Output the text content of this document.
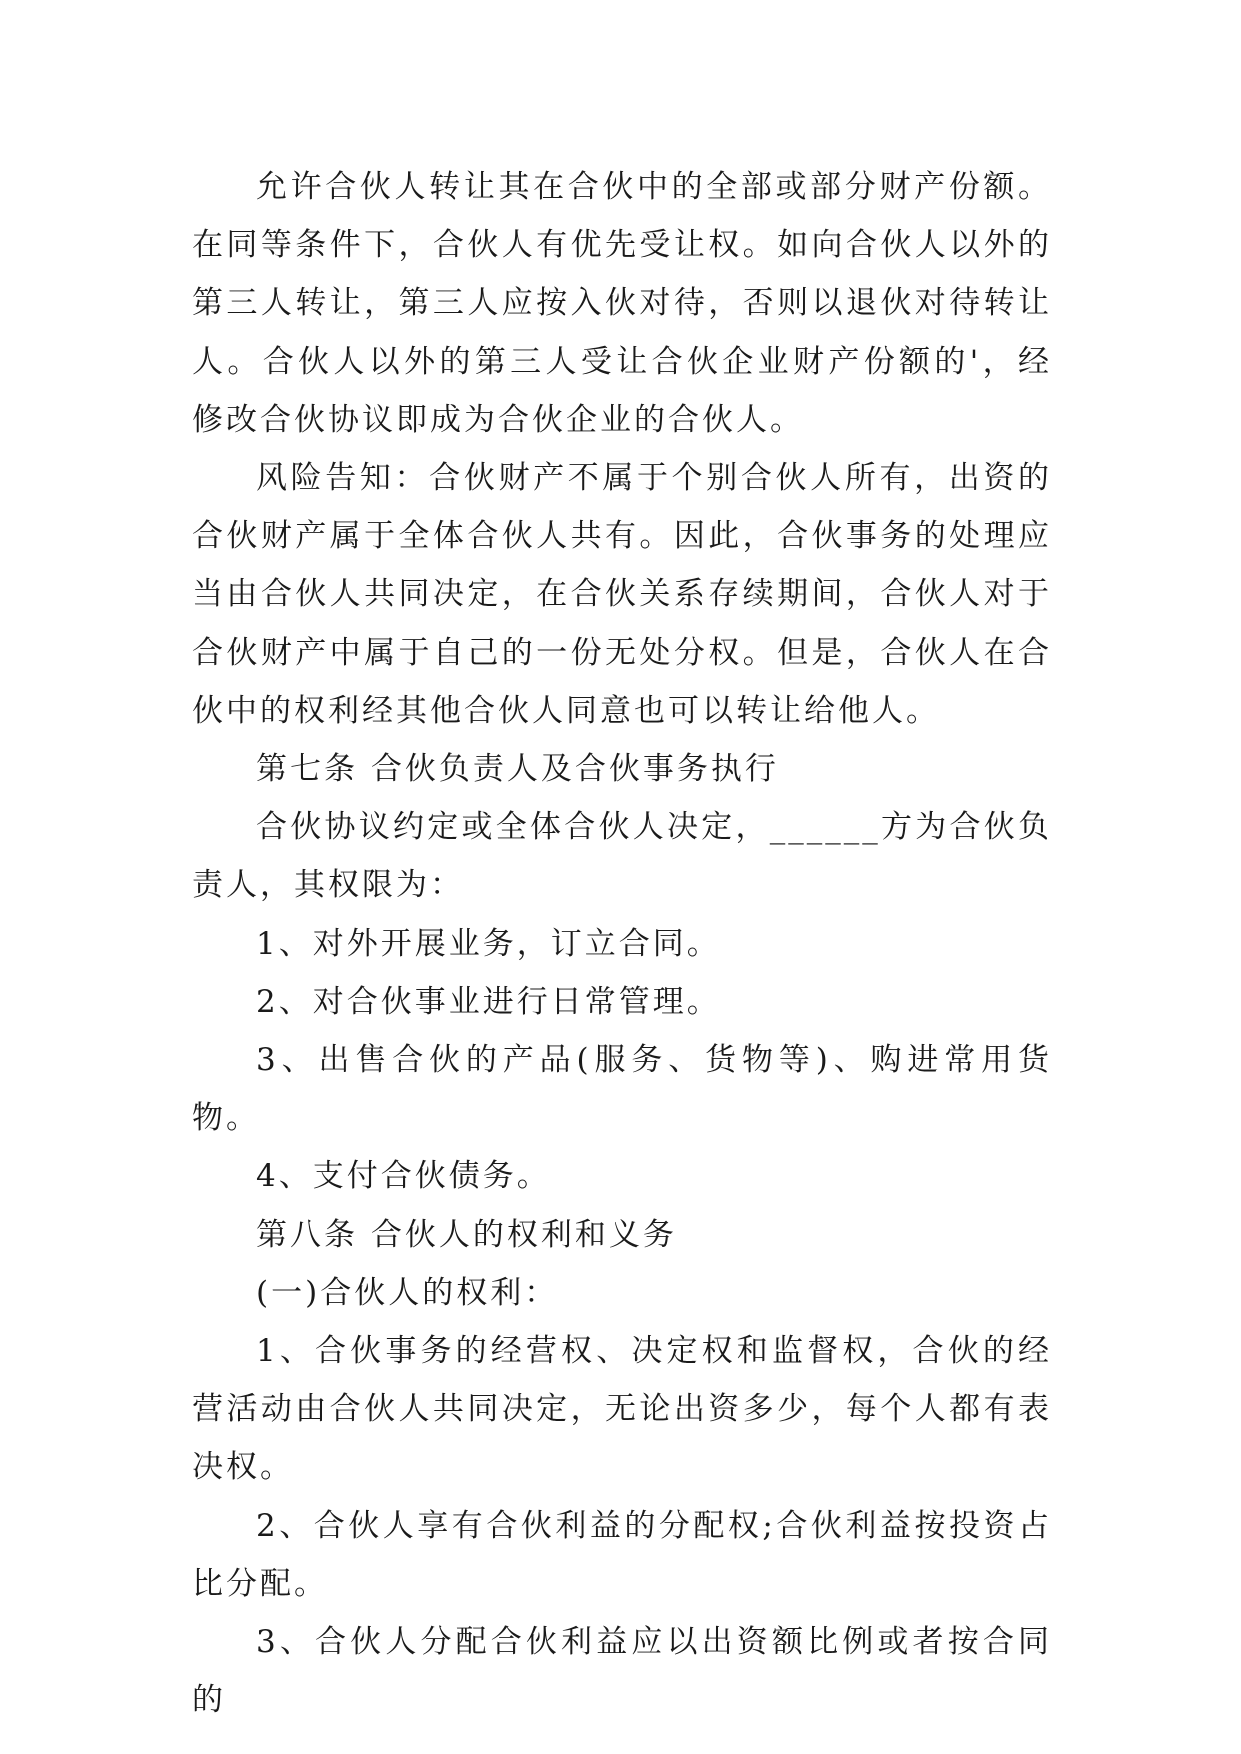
允许合伙人转让其在合伙中的全部或部分财产份额。在同等条件下，合伙人有优先受让权。如向合伙人以外的第三人转让，第三人应按入伙对待，否则以退伙对待转让人。合伙人以外的第三人受让合伙企业财产份额的'，经修改合伙协议即成为合伙企业的合伙人。

风险告知：合伙财产不属于个别合伙人所有，出资的合伙财产属于全体合伙人共有。因此，合伙事务的处理应当由合伙人共同决定，在合伙关系存续期间，合伙人对于合伙财产中属于自己的一份无处分权。但是，合伙人在合伙中的权利经其他合伙人同意也可以转让给他人。

第七条 合伙负责人及合伙事务执行

合伙协议约定或全体合伙人决定，______方为合伙负责人，其权限为：

1、对外开展业务，订立合同。

2、对合伙事业进行日常管理。

3、出售合伙的产品(服务、货物等)、购进常用货物。

4、支付合伙债务。

第八条 合伙人的权利和义务

(一)合伙人的权利：

1、合伙事务的经营权、决定权和监督权，合伙的经营活动由合伙人共同决定，无论出资多少，每个人都有表决权。

2、合伙人享有合伙利益的分配权;合伙利益按投资占比分配。

3、合伙人分配合伙利益应以出资额比例或者按合同的
